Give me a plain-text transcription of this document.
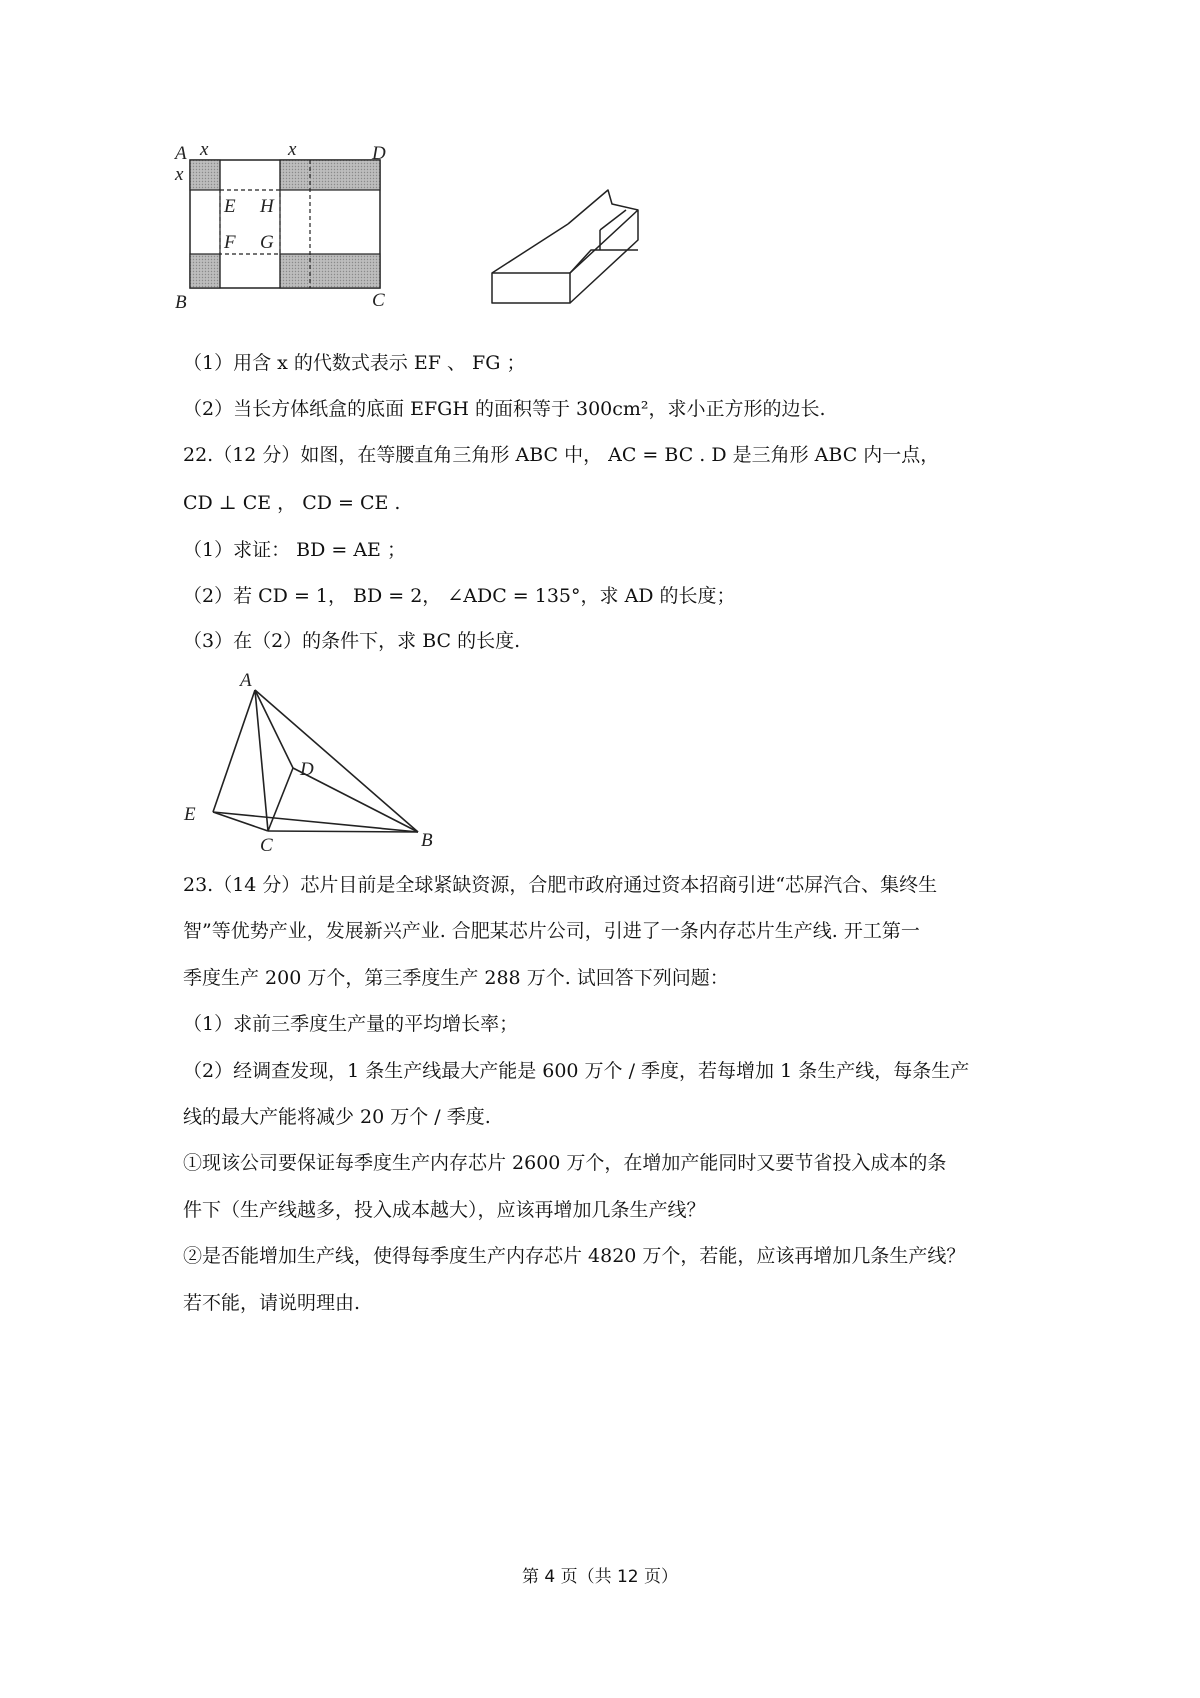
A x	x
x
D
E H
F G
B	C
（1）用含 x 的代数式表示 EF 、 FG ；
（2）当长方体纸盒的底面 EFGH 的面积等于 300cm²，求小正方形的边长.
22.（12 分）如图，在等腰直角三角形 ABC 中， AC = BC . D 是三角形 ABC 内一点，
CD ⊥ CE ， CD = CE .
（1）求证： BD = AE ；
（2）若 CD = 1， BD = 2， ∠ADC = 135°，求 AD 的长度；
（3）在（2）的条件下，求 BC 的长度.
A
D
E
C	B
23.（14 分）芯片目前是全球紧缺资源，合肥市政府通过资本招商引进“芯屏汽合、集终生
智”等优势产业，发展新兴产业. 合肥某芯片公司，引进了一条内存芯片生产线. 开工第一
季度生产 200 万个，第三季度生产 288 万个. 试回答下列问题：
（1）求前三季度生产量的平均增长率；
（2）经调查发现，1 条生产线最大产能是 600 万个 / 季度，若每增加 1 条生产线，每条生产
线的最大产能将减少 20 万个 / 季度.
①现该公司要保证每季度生产内存芯片 2600 万个，在增加产能同时又要节省投入成本的条
件下（生产线越多，投入成本越大），应该再增加几条生产线？
②是否能增加生产线，使得每季度生产内存芯片 4820 万个，若能，应该再增加几条生产线？
若不能，请说明理由.
第 4 页（共 12 页）
